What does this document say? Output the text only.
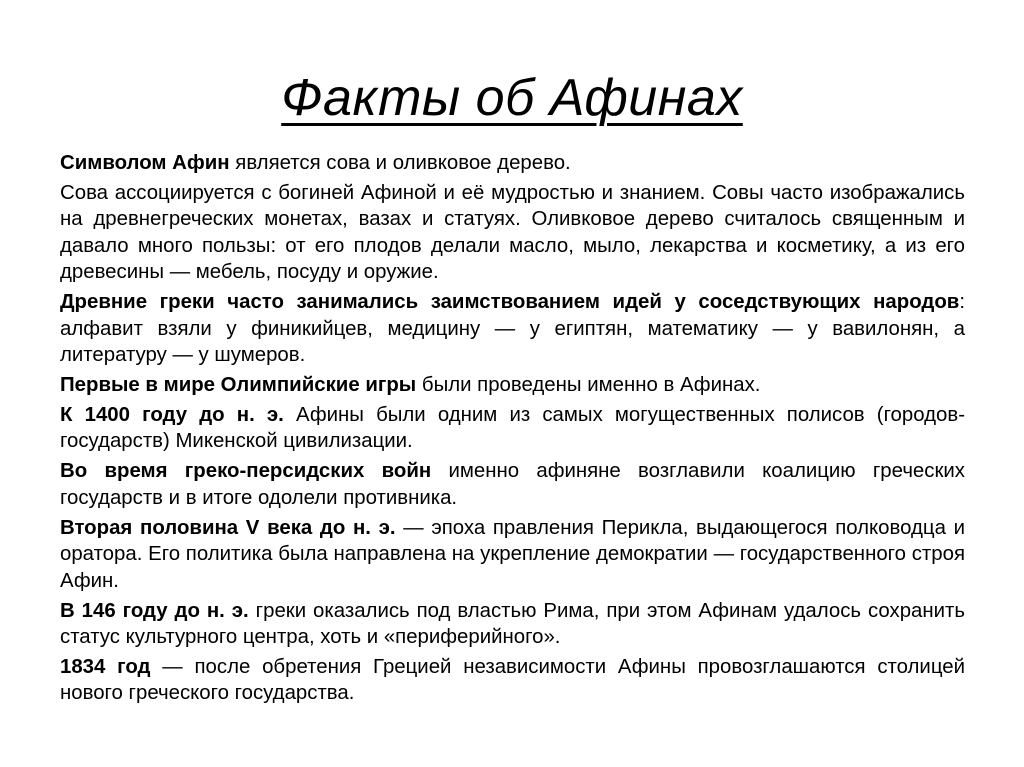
Факты об Афинах

Символом Афин является сова и оливковое дерево.

Сова ассоциируется с богиней Афиной и её мудростью и знанием. Совы часто изображались на древнегреческих монетах, вазах и статуях. Оливковое дерево считалось священным и давало много пользы: от его плодов делали масло, мыло, лекарства и косметику, а из его древесины — мебель, посуду и оружие.

Древние греки часто занимались заимствованием идей у соседствующих народов: алфавит взяли у финикийцев, медицину — у египтян, математику — у вавилонян, а литературу — у шумеров.

Первые в мире Олимпийские игры были проведены именно в Афинах.

К 1400 году до н. э. Афины были одним из самых могущественных полисов (городов-государств) Микенской цивилизации.

Во время греко-персидских войн именно афиняне возглавили коалицию греческих государств и в итоге одолели противника.

Вторая половина V века до н. э. — эпоха правления Перикла, выдающегося полководца и оратора. Его политика была направлена на укрепление демократии — государственного строя Афин.

В 146 году до н. э. греки оказались под властью Рима, при этом Афинам удалось сохранить статус культурного центра, хоть и «периферийного».

1834 год — после обретения Грецией независимости Афины провозглашаются столицей нового греческого государства.
